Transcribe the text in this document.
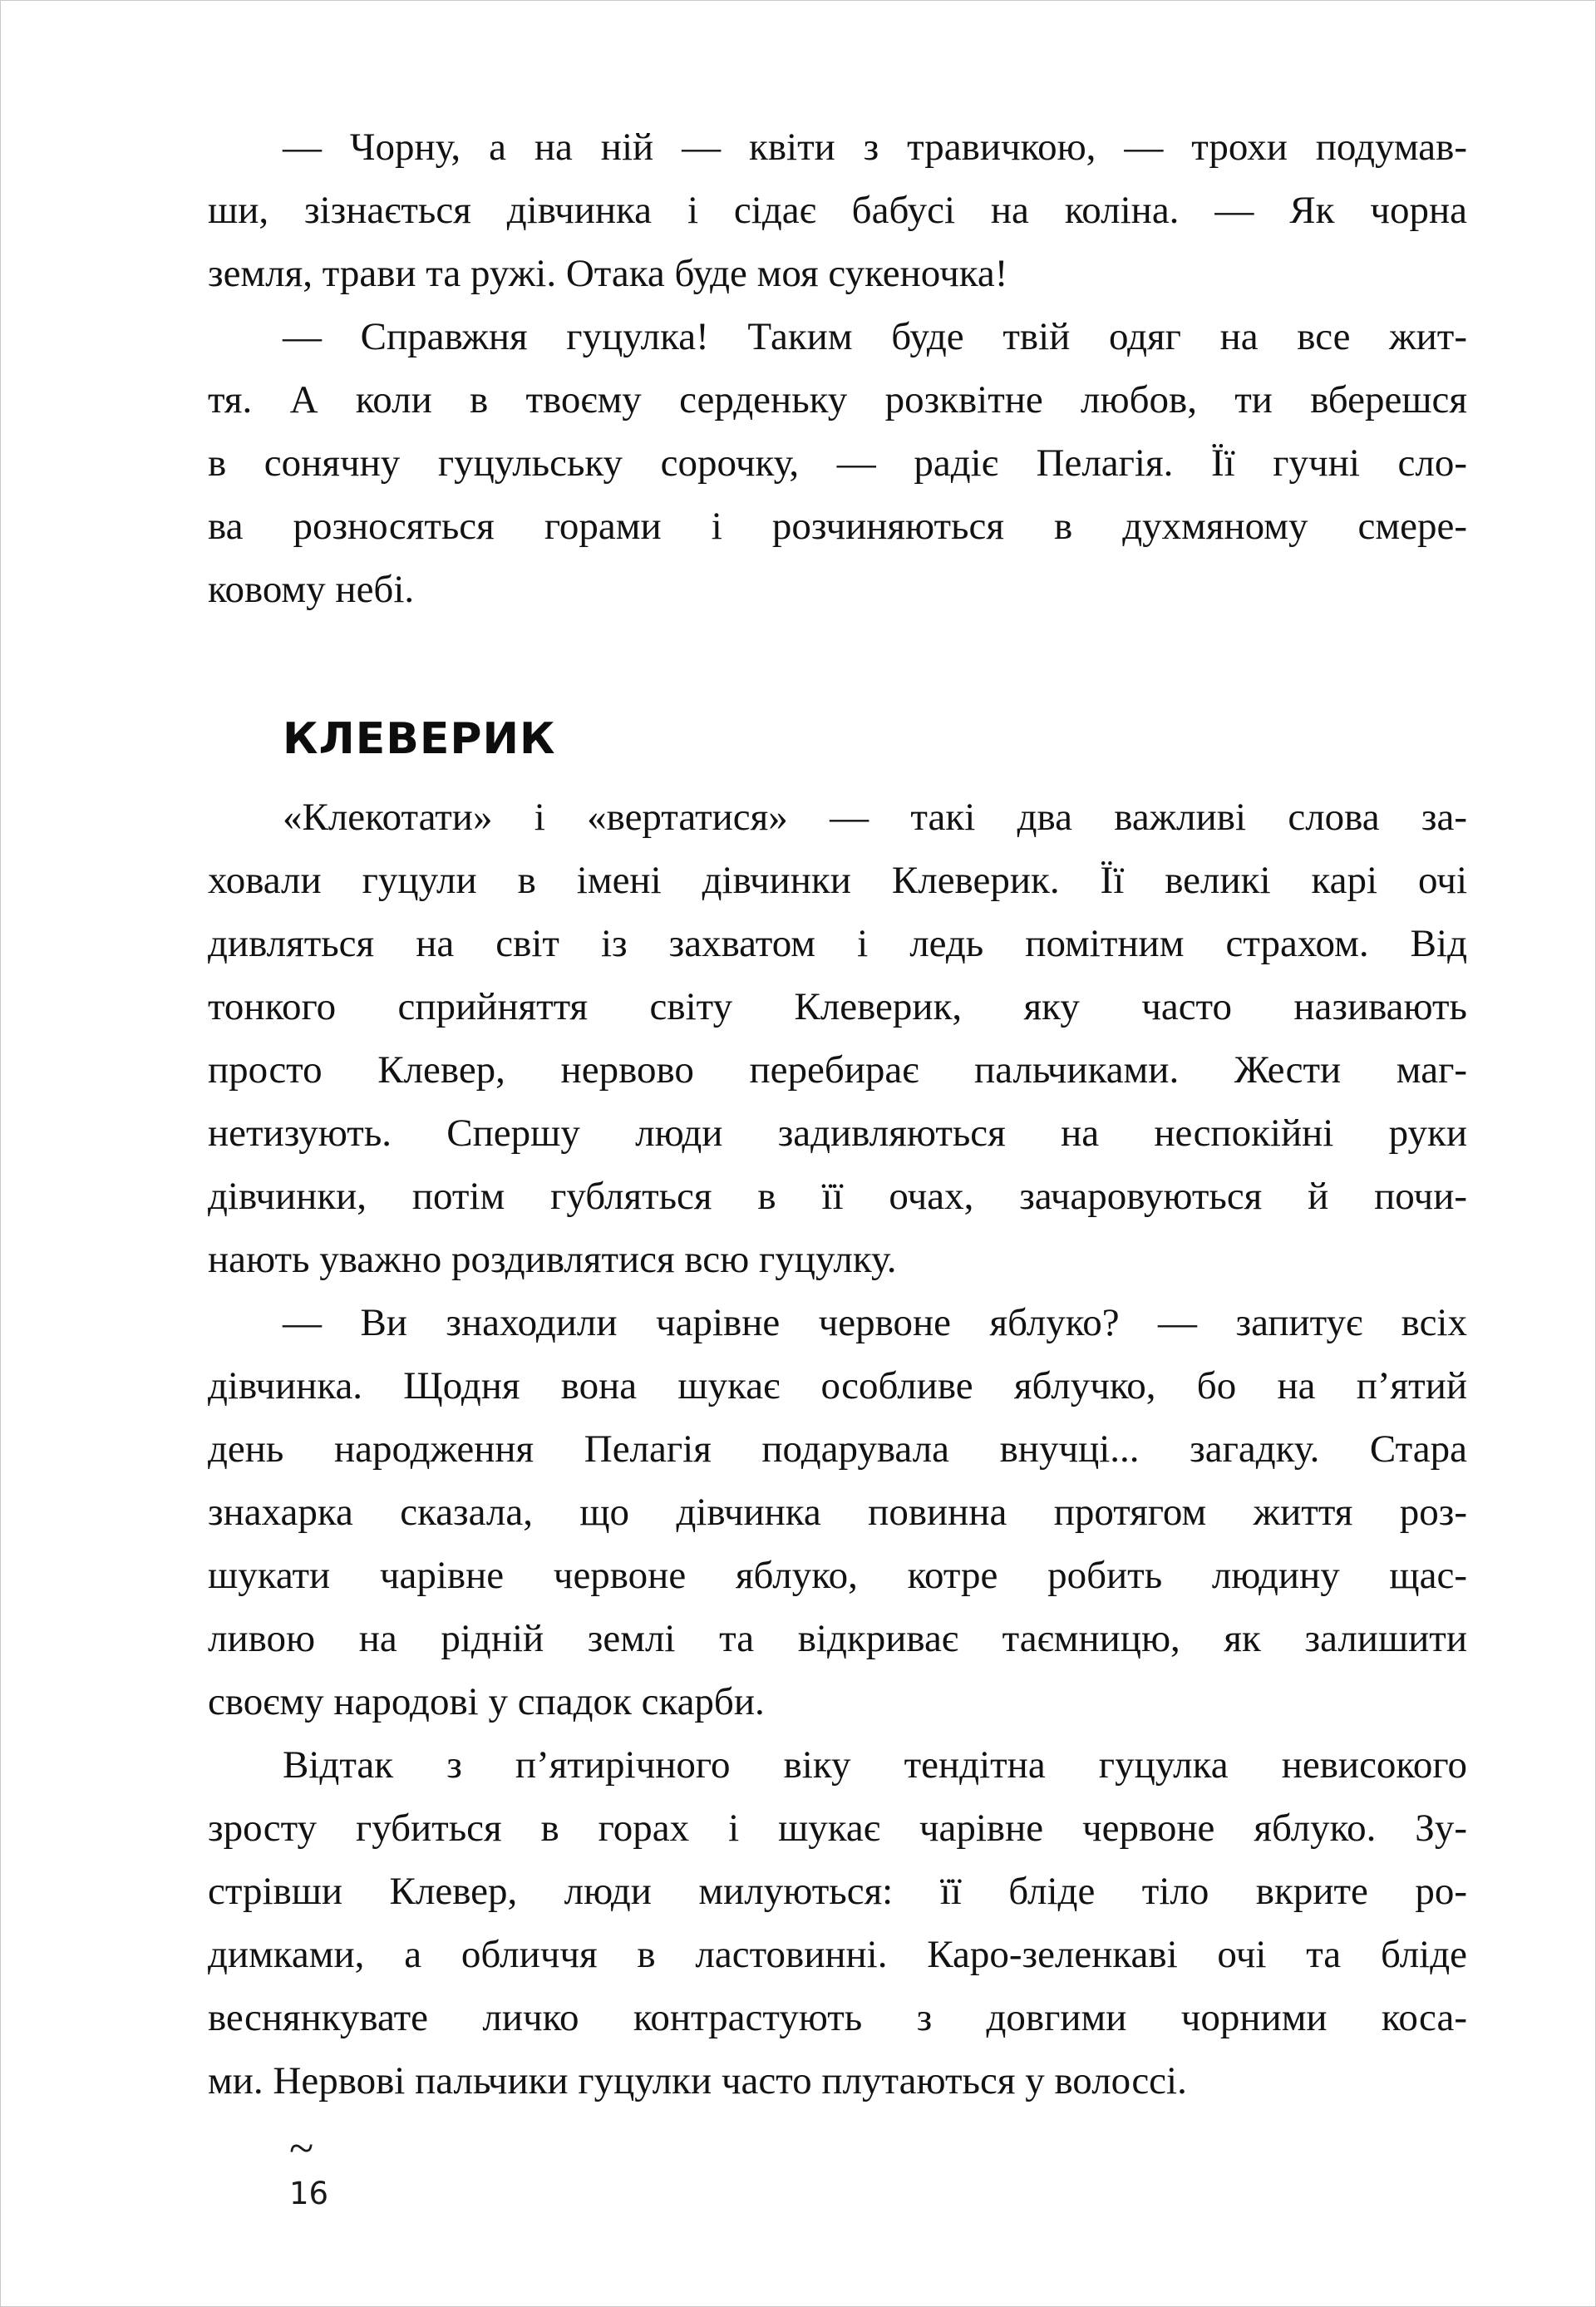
— Чорну, а на ній — квіти з травичкою, — трохи подумав-
ши, зізнається дівчинка і сідає бабусі на коліна. — Як чорна
земля, трави та ружі. Отака буде моя сукеночка!
— Справжня гуцулка! Таким буде твій одяг на все жит-
тя. А коли в твоєму серденьку розквітне любов, ти вберешся
в сонячну гуцульську сорочку, — радіє Пелагія. Її гучні сло-
ва розносяться горами і розчиняються в духмяному смере-
ковому небі.
КЛЕВЕРИК
«Клекотати» і «вертатися» — такі два важливі слова за-
ховали гуцули в імені дівчинки Клеверик. Її великі карі очі
дивляться на світ із захватом і ледь помітним страхом. Від
тонкого сприйняття світу Клеверик, яку часто називають
просто Клевер, нервово перебирає пальчиками. Жести маг-
нетизують. Спершу люди задивляються на неспокійні руки
дівчинки, потім губляться в її очах, зачаровуються й почи-
нають уважно роздивлятися всю гуцулку.
— Ви знаходили чарівне червоне яблуко? — запитує всіх
дівчинка. Щодня вона шукає особливе яблучко, бо на п’ятий
день народження Пелагія подарувала внучці... загадку. Стара
знахарка сказала, що дівчинка повинна протягом життя роз-
шукати чарівне червоне яблуко, котре робить людину щас-
ливою на рідній землі та відкриває таємницю, як залишити
своєму народові у спадок скарби.
Відтак з п’ятирічного віку тендітна гуцулка невисокого
зросту губиться в горах і шукає чарівне червоне яблуко. Зу-
стрівши Клевер, люди милуються: її бліде тіло вкрите ро-
димками, а обличчя в ластовинні. Каро-зеленкаві очі та бліде
веснянкувате личко контрастують з довгими чорними коса-
ми. Нервові пальчики гуцулки часто плутаються у волоссі.
~
16
